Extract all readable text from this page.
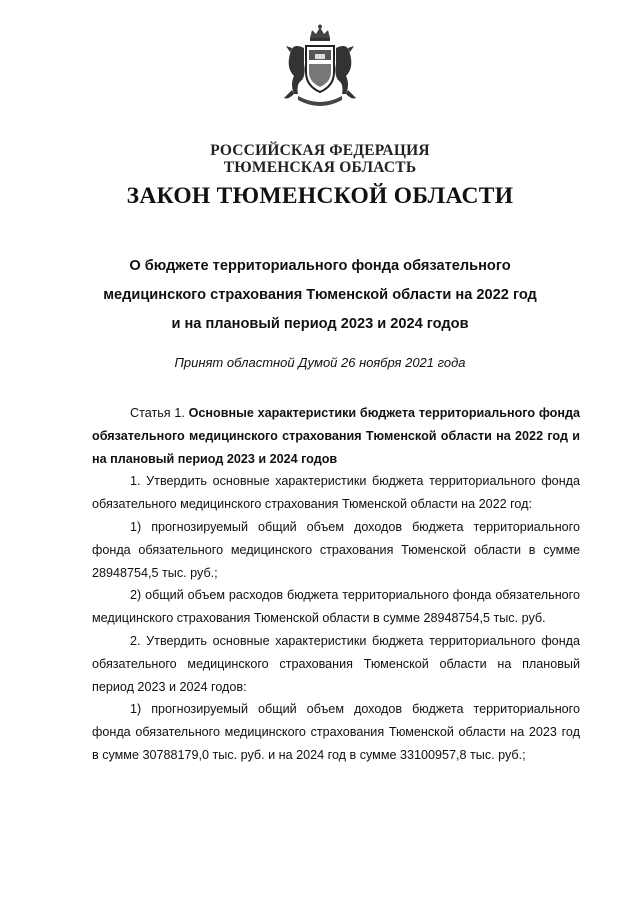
РОССИЙСКАЯ ФЕДЕРАЦИЯ
ТЮМЕНСКАЯ ОБЛАСТЬ
ЗАКОН ТЮМЕНСКОЙ ОБЛАСТИ
О бюджете территориального фонда обязательного
медицинского страхования Тюменской области на 2022 год
и на плановый период 2023 и 2024 годов
Принят областной Думой 26 ноября 2021 года

Статья 1. Основные характеристики бюджета территориального фонда обязательного медицинского страхования Тюменской области на 2022 год и на плановый период 2023 и 2024 годов

1. Утвердить основные характеристики бюджета территориального фонда обязательного медицинского страхования Тюменской области на 2022 год:

1) прогнозируемый общий объем доходов бюджета территориального фонда обязательного медицинского страхования Тюменской области в сумме 28948754,5 тыс. руб.;

2) общий объем расходов бюджета территориального фонда обязательного медицинского страхования Тюменской области в сумме 28948754,5 тыс. руб.

2. Утвердить основные характеристики бюджета территориального фонда обязательного медицинского страхования Тюменской области на плановый период 2023 и 2024 годов:

1) прогнозируемый общий объем доходов бюджета территориального фонда обязательного медицинского страхования Тюменской области на 2023 год в сумме 30788179,0 тыс. руб. и на 2024 год в сумме 33100957,8 тыс. руб.;
